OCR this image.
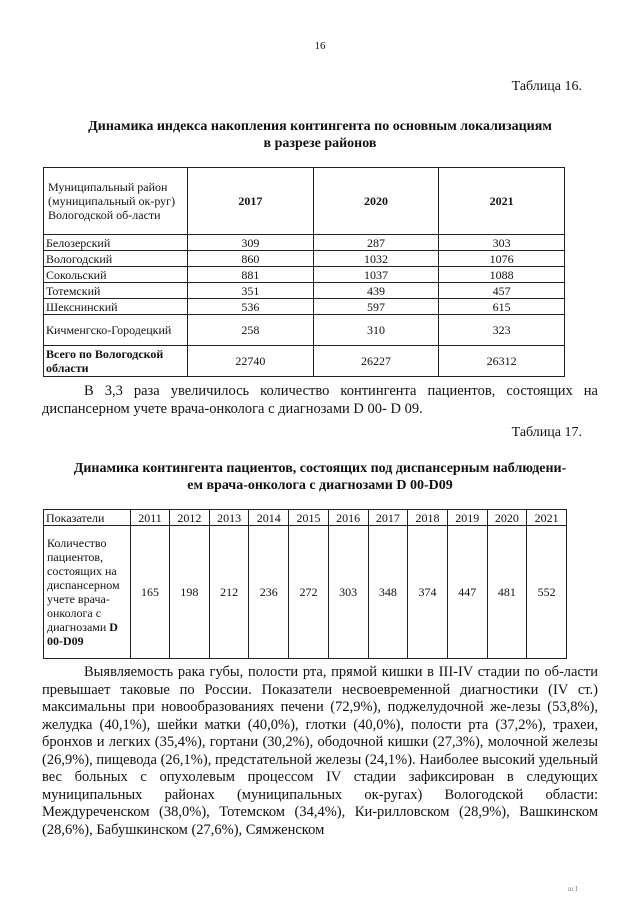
16
Таблица 16.
Динамика индекса накопления контингента по основным локализациям
в разрезе районов
Муниципальный район (муниципальный ок-руг) Вологодской об-ласти	2017	2020	2021
Белозерский	309	287	303
Вологодский	860	1032	1076
Сокольский	881	1037	1088
Тотемский	351	439	457
Шекснинский	536	597	615
Кичменгско-Городецкий	258	310	323
Всего по Вологодской области	22740	26227	26312
В 3,3 раза увеличилось количество контингента пациентов, состоящих на диспансерном учете врача-онколога с диагнозами D 00- D 09.
Таблица 17.
Динамика контингента пациентов, состоящих под диспансерным наблюдени-
ем врача-онколога с диагнозами D 00-D09
Показатели	2011	2012	2013	2014	2015	2016	2017	2018	2019	2020	2021
Количество пациентов, состоящих на диспансерном учете врача-онколога с диагнозами D 00-D09	165	198	212	236	272	303	348	374	447	481	552
Выявляемость рака губы, полости рта, прямой кишки в III-IV стадии по об-ласти превышает таковые по России. Показатели несвоевременной диагностики (IV ст.) максимальны при новообразованиях печени (72,9%), поджелудочной же-лезы (53,8%), желудка (40,1%), шейки матки (40,0%), глотки (40,0%), полости рта (37,2%), трахеи, бронхов и легких (35,4%), гортани (30,2%), ободочной кишки (27,3%), молочной железы (26,9%), пищевода (26,1%), предстательной железы (24,1%). Наиболее высокий удельный вес больных с опухолевым процессом IV стадии зафиксирован в следующих муниципальных районах (муниципальных ок-ругах) Вологодской области: Междуреченском (38,0%), Тотемском (34,4%), Ки-рилловском (28,9%), Вашкинском (28,6%), Бабушкинском (27,6%), Сямженском
ш I
